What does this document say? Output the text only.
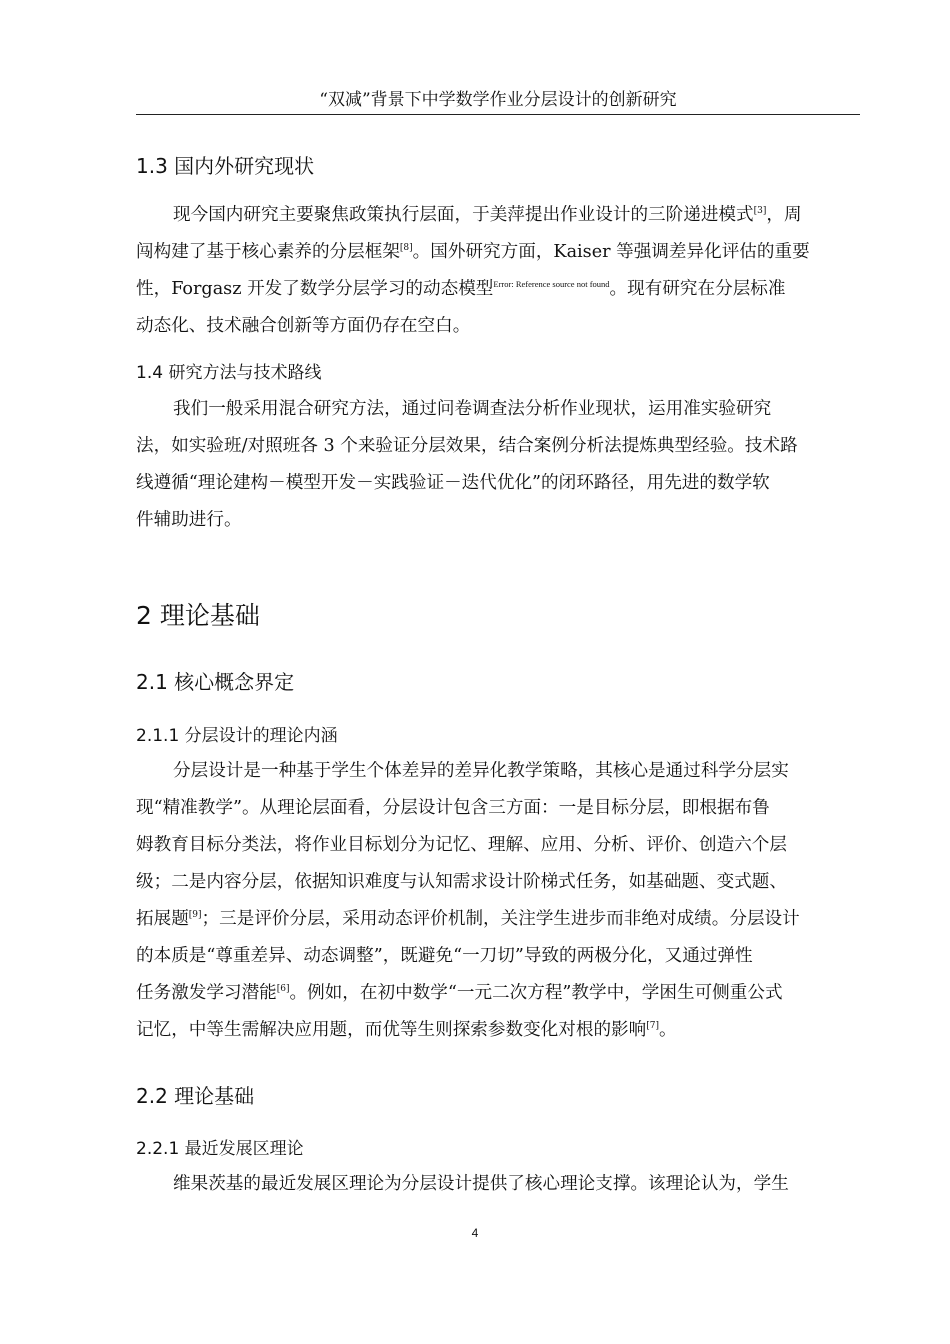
“双减”背景下中学数学作业分层设计的创新研究
1.3 国内外研究现状
现今国内研究主要聚焦政策执行层面，于美萍提出作业设计的三阶递进模式[3]，周
闯构建了基于核心素养的分层框架[8]。国外研究方面，Kaiser 等强调差异化评估的重要
性，Forgasz 开发了数学分层学习的动态模型$^{Error: Reference source not found}$。现有研究在分层标准
动态化、技术融合创新等方面仍存在空白。
1.4 研究方法与技术路线
我们一般采用混合研究方法，通过问卷调查法分析作业现状，运用准实验研究
法，如实验班/对照班各 3 个来验证分层效果，结合案例分析法提炼典型经验。技术路
线遵循“理论建构－模型开发－实践验证－迭代优化”的闭环路径，用先进的数学软
件辅助进行。
2 理论基础
2.1 核心概念界定
2.1.1 分层设计的理论内涵
分层设计是一种基于学生个体差异的差异化教学策略，其核心是通过科学分层实
现“精准教学”。从理论层面看，分层设计包含三方面：一是目标分层，即根据布鲁
姆教育目标分类法，将作业目标划分为记忆、理解、应用、分析、评价、创造六个层
级；二是内容分层，依据知识难度与认知需求设计阶梯式任务，如基础题、变式题、
拓展题[9]；三是评价分层，采用动态评价机制，关注学生进步而非绝对成绩。分层设计
的本质是“尊重差异、动态调整”，既避免“一刀切”导致的两极分化，又通过弹性
任务激发学习潜能[6]。例如，在初中数学“一元二次方程”教学中，学困生可侧重公式
记忆，中等生需解决应用题，而优等生则探索参数变化对根的影响[7]。
2.2 理论基础
2.2.1 最近发展区理论
维果茨基的最近发展区理论为分层设计提供了核心理论支撑。该理论认为，学生
4
